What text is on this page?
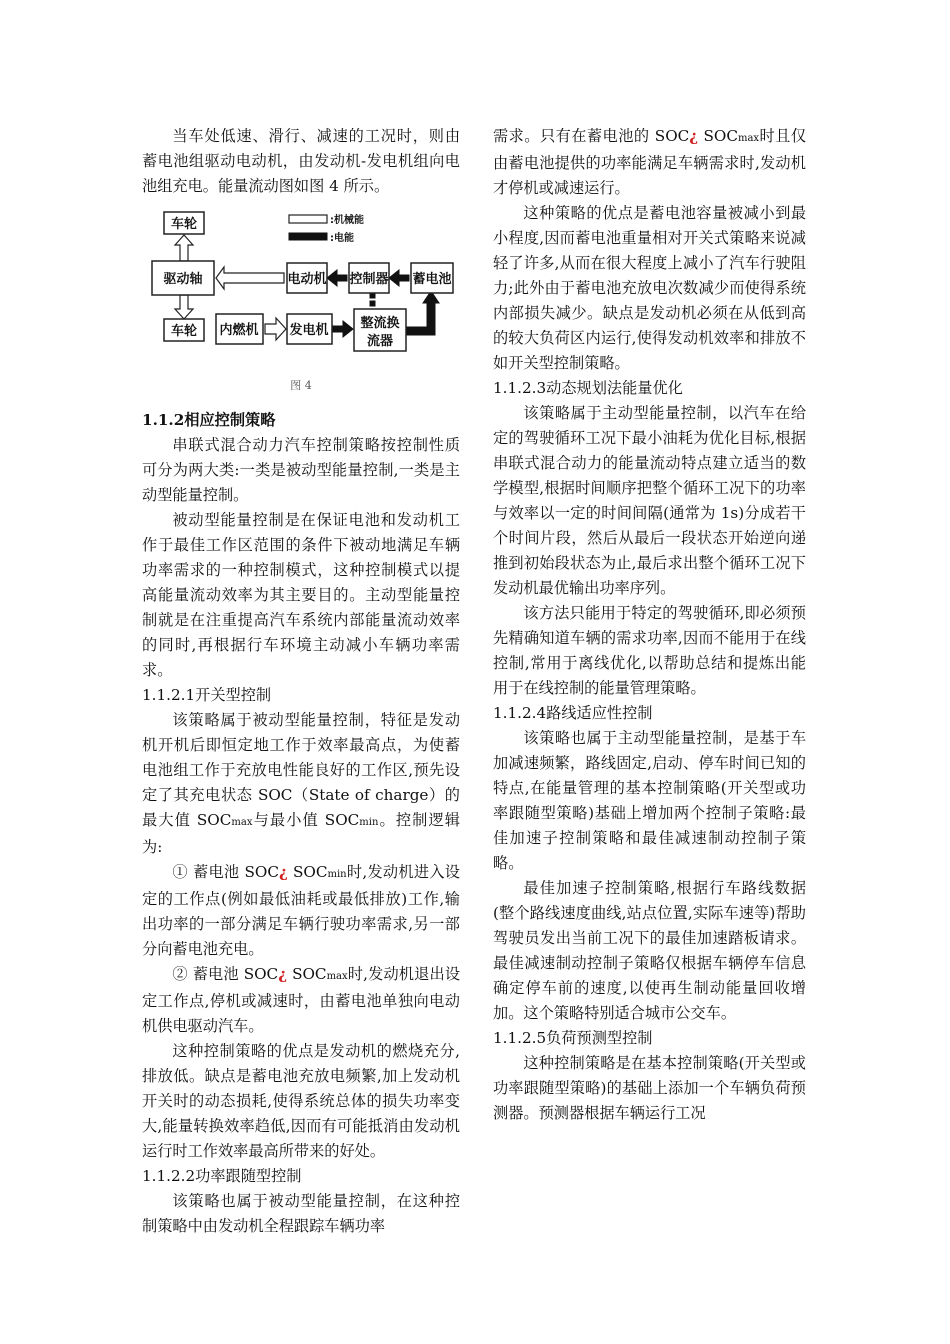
当车处低速、滑行、减速的工况时，则由蓄电池组驱动电动机，由发动机-发电机组向电池组充电。能量流动图如图 4 所示。

车轮
驱动轴
车轮 内燃机 发电机
电动机 控制器 蓄电池
整流换
流器
:机械能
:电能
图 4

1.1.2相应控制策略

串联式混合动力汽车控制策略按控制性质可分为两大类:一类是被动型能量控制,一类是主动型能量控制。

被动型能量控制是在保证电池和发动机工作于最佳工作区范围的条件下被动地满足车辆功率需求的一种控制模式，这种控制模式以提高能量流动效率为其主要目的。主动型能量控制就是在注重提高汽车系统内部能量流动效率的同时,再根据行车环境主动减小车辆功率需求。

1.1.2.1开关型控制

该策略属于被动型能量控制，特征是发动机开机后即恒定地工作于效率最高点，为使蓄电池组工作于充放电性能良好的工作区,预先设定了其充电状态 SOC（State of charge）的最大值 SOCmax与最小值 SOCmin。控制逻辑为:

① 蓄电池 SOC¿ SOCmin时,发动机进入设定的工作点(例如最低油耗或最低排放)工作,输出功率的一部分满足车辆行驶功率需求,另一部分向蓄电池充电。

② 蓄电池 SOC¿ SOCmax时,发动机退出设定工作点,停机或减速时，由蓄电池单独向电动机供电驱动汽车。

这种控制策略的优点是发动机的燃烧充分,排放低。缺点是蓄电池充放电频繁,加上发动机开关时的动态损耗,使得系统总体的损失功率变大,能量转换效率趋低,因而有可能抵消由发动机运行时工作效率最高所带来的好处。

1.1.2.2功率跟随型控制

该策略也属于被动型能量控制，在这种控制策略中由发动机全程跟踪车辆功率

需求。只有在蓄电池的 SOC¿ SOCmax时且仅由蓄电池提供的功率能满足车辆需求时,发动机才停机或减速运行。

这种策略的优点是蓄电池容量被减小到最小程度,因而蓄电池重量相对开关式策略来说减轻了许多,从而在很大程度上减小了汽车行驶阻力;此外由于蓄电池充放电次数减少而使得系统内部损失减少。缺点是发动机必须在从低到高的较大负荷区内运行,使得发动机效率和排放不如开关型控制策略。

1.1.2.3动态规划法能量优化

该策略属于主动型能量控制，以汽车在给定的驾驶循环工况下最小油耗为优化目标,根据串联式混合动力的能量流动特点建立适当的数学模型,根据时间顺序把整个循环工况下的功率与效率以一定的时间间隔(通常为 1s)分成若干个时间片段，然后从最后一段状态开始逆向递推到初始段状态为止,最后求出整个循环工况下发动机最优输出功率序列。

该方法只能用于特定的驾驶循环,即必须预先精确知道车辆的需求功率,因而不能用于在线控制,常用于离线优化,以帮助总结和提炼出能用于在线控制的能量管理策略。

1.1.2.4路线适应性控制

该策略也属于主动型能量控制，是基于车加减速频繁，路线固定,启动、停车时间已知的特点,在能量管理的基本控制策略(开关型或功率跟随型策略)基础上增加两个控制子策略:最佳加速子控制策略和最佳减速制动控制子策略。

最佳加速子控制策略,根据行车路线数据(整个路线速度曲线,站点位置,实际车速等)帮助驾驶员发出当前工况下的最佳加速踏板请求。最佳减速制动控制子策略仅根据车辆停车信息确定停车前的速度,以使再生制动能量回收增加。这个策略特别适合城市公交车。

1.1.2.5负荷预测型控制

这种控制策略是在基本控制策略(开关型或功率跟随型策略)的基础上添加一个车辆负荷预测器。预测器根据车辆运行工况
